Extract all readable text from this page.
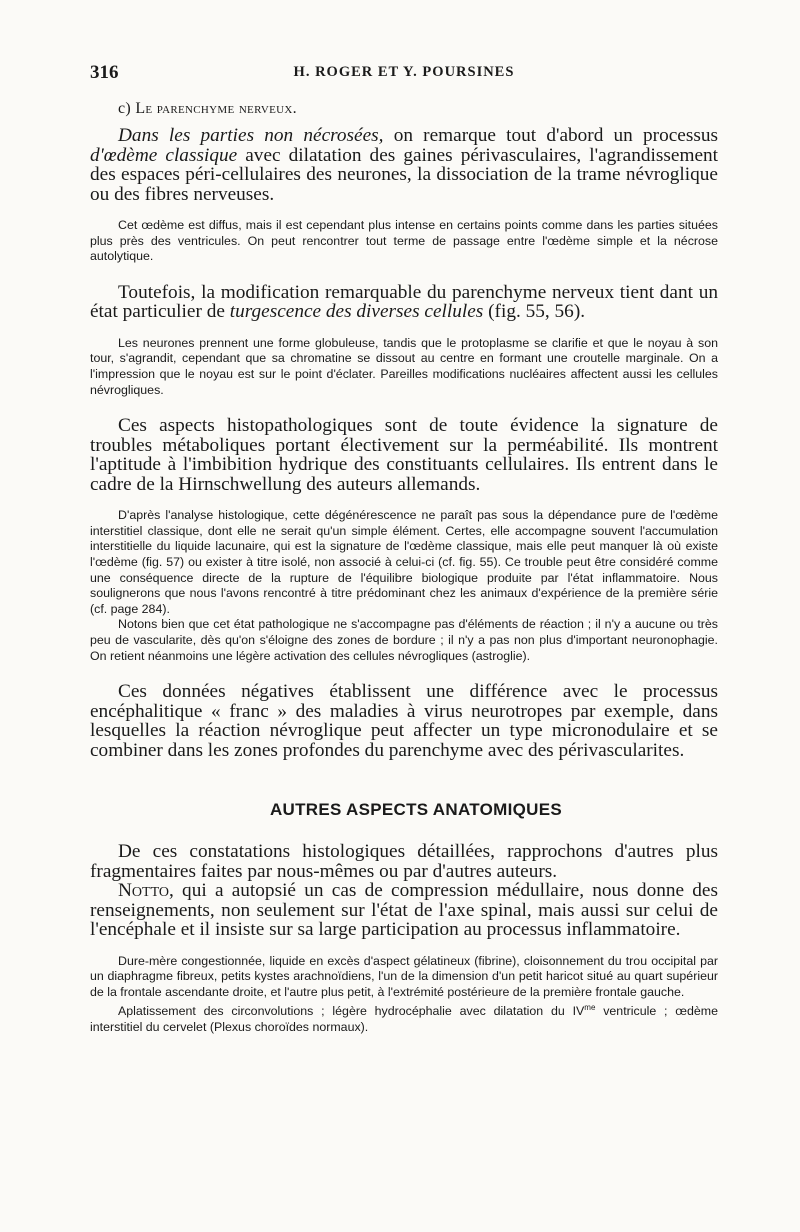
316	H. ROGER ET Y. POURSINES
c) Le parenchyme nerveux.

Dans les parties non nécrosées, on remarque tout d'abord un processus d'œdème classique avec dilatation des gaines périvasculaires, l'agrandissement des espaces péri-cellulaires des neurones, la dissociation de la trame névroglique ou des fibres nerveuses.

Cet œdème est diffus, mais il est cependant plus intense en certains points comme dans les parties situées plus près des ventricules. On peut rencontrer tout terme de passage entre l'œdème simple et la nécrose autolytique.

Toutefois, la modification remarquable du parenchyme nerveux tient dant un état particulier de turgescence des diverses cellules (fig. 55, 56).

Les neurones prennent une forme globuleuse, tandis que le protoplasme se clarifie et que le noyau à son tour, s'agrandit, cependant que sa chromatine se dissout au centre en formant une croutelle marginale. On a l'impression que le noyau est sur le point d'éclater. Pareilles modifications nucléaires affectent aussi les cellules névrogliques.

Ces aspects histopathologiques sont de toute évidence la signature de troubles métaboliques portant électivement sur la perméabilité. Ils montrent l'aptitude à l'imbibition hydrique des constituants cellulaires. Ils entrent dans le cadre de la Hirnschwellung des auteurs allemands.

D'après l'analyse histologique, cette dégénérescence ne paraît pas sous la dépendance pure de l'œdème interstitiel classique, dont elle ne serait qu'un simple élément. Certes, elle accompagne souvent l'accumulation interstitielle du liquide lacunaire, qui est la signature de l'œdème classique, mais elle peut manquer là où existe l'œdème (fig. 57) ou exister à titre isolé, non associé à celui-ci (cf. fig. 55). Ce trouble peut être considéré comme une conséquence directe de la rupture de l'équilibre biologique produite par l'état inflammatoire. Nous soulignerons que nous l'avons rencontré à titre prédominant chez les animaux d'expérience de la première série (cf. page 284).

Notons bien que cet état pathologique ne s'accompagne pas d'éléments de réaction ; il n'y a aucune ou très peu de vascularite, dès qu'on s'éloigne des zones de bordure ; il n'y a pas non plus d'important neuronophagie. On retient néanmoins une légère activation des cellules névrogliques (astroglie).

Ces données négatives établissent une différence avec le processus encéphalitique « franc » des maladies à virus neurotropes par exemple, dans lesquelles la réaction névroglique peut affecter un type micronodulaire et se combiner dans les zones profondes du parenchyme avec des périvascularites.

AUTRES ASPECTS ANATOMIQUES

De ces constatations histologiques détaillées, rapprochons d'autres plus fragmentaires faites par nous-mêmes ou par d'autres auteurs.

Notto, qui a autopsié un cas de compression médullaire, nous donne des renseignements, non seulement sur l'état de l'axe spinal, mais aussi sur celui de l'encéphale et il insiste sur sa large participation au processus inflammatoire.

Dure-mère congestionnée, liquide en excès d'aspect gélatineux (fibrine), cloisonnement du trou occipital par un diaphragme fibreux, petits kystes arachnoïdiens, l'un de la dimension d'un petit haricot situé au quart supérieur de la frontale ascendante droite, et l'autre plus petit, à l'extrémité postérieure de la première frontale gauche.

Aplatissement des circonvolutions ; légère hydrocéphalie avec dilatation du $IV^{me}$ ventricule ; œdème interstitiel du cervelet (Plexus choroïdes normaux).
